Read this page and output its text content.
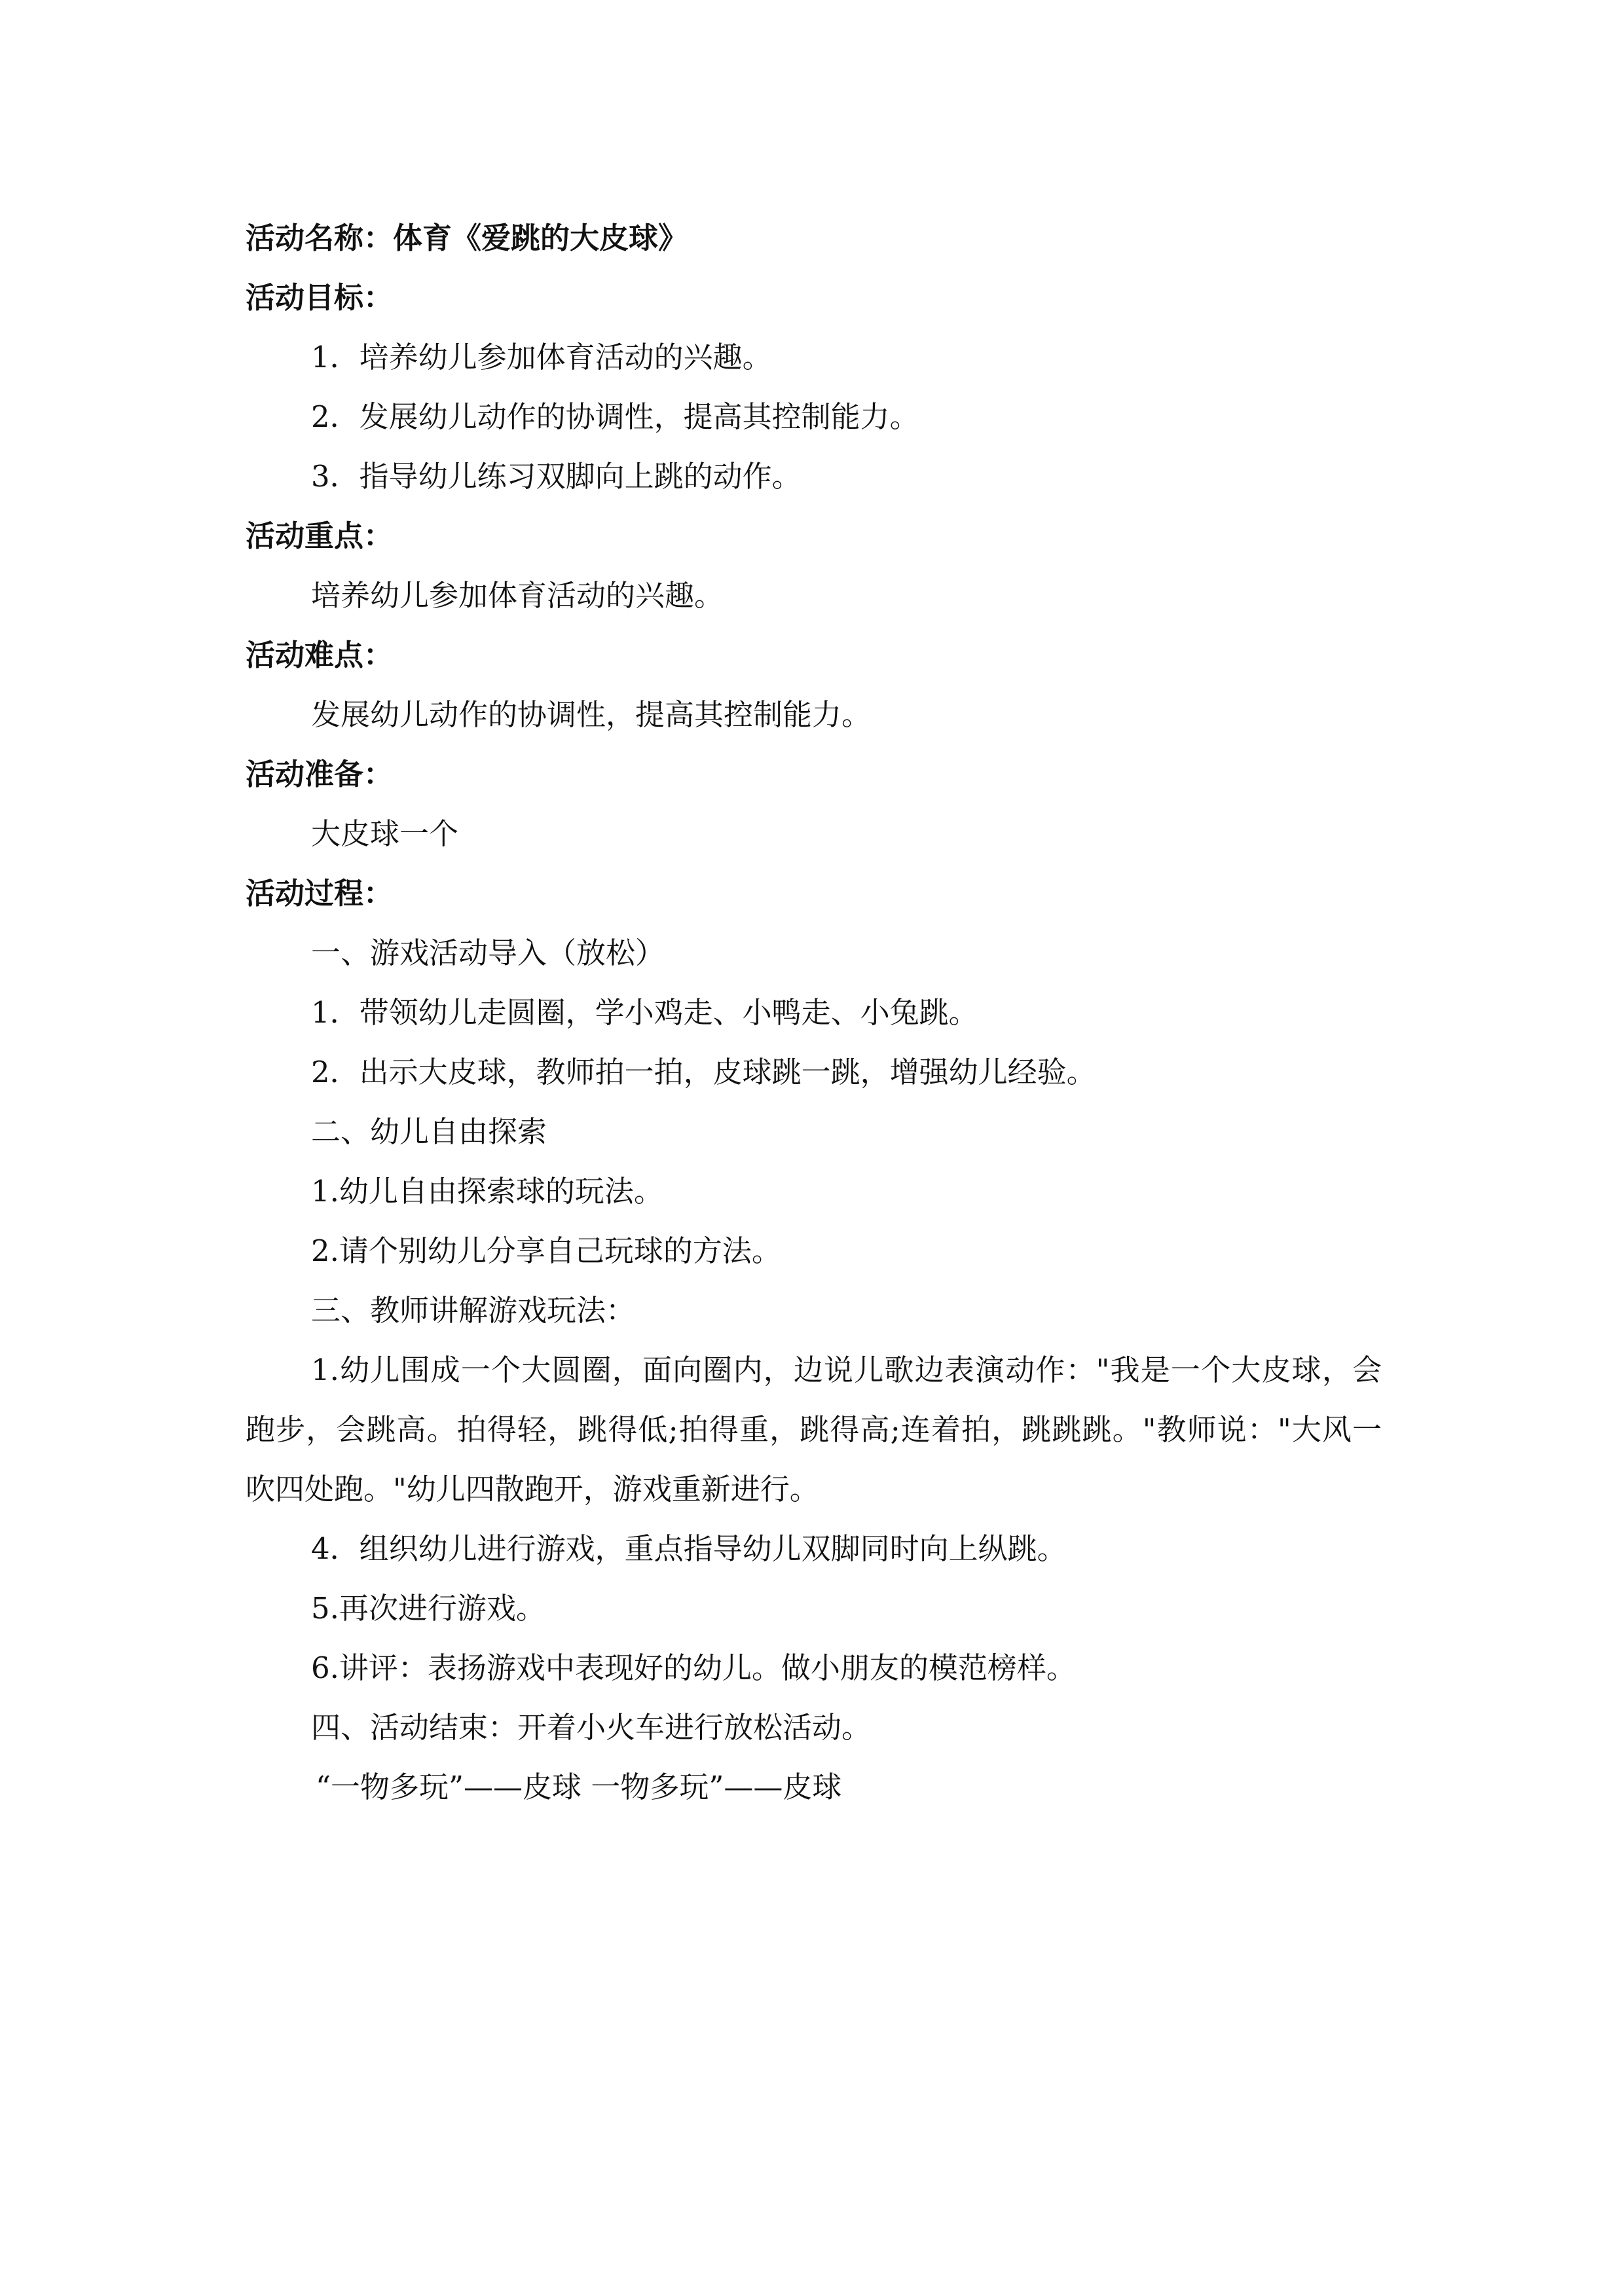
活动名称：体育《爱跳的大皮球》
活动目标：
1．培养幼儿参加体育活动的兴趣。
2．发展幼儿动作的协调性，提高其控制能力。
3．指导幼儿练习双脚向上跳的动作。
活动重点：
培养幼儿参加体育活动的兴趣。
活动难点：
发展幼儿动作的协调性，提高其控制能力。
活动准备：
大皮球一个
活动过程：
一、游戏活动导入（放松）
1．带领幼儿走圆圈，学小鸡走、小鸭走、小兔跳。
2．出示大皮球，教师拍一拍，皮球跳一跳，增强幼儿经验。
二、幼儿自由探索
1.幼儿自由探索球的玩法。
2.请个别幼儿分享自己玩球的方法。
三、教师讲解游戏玩法：
1.幼儿围成一个大圆圈，面向圈内，边说儿歌边表演动作："我是一个大皮球，会跑步，会跳高。拍得轻，跳得低;拍得重，跳得高;连着拍，跳跳跳。"教师说："大风一吹四处跑。"幼儿四散跑开，游戏重新进行。
4．组织幼儿进行游戏，重点指导幼儿双脚同时向上纵跳。
5.再次进行游戏。
6.讲评：表扬游戏中表现好的幼儿。做小朋友的模范榜样。
四、活动结束：开着小火车进行放松活动。
“一物多玩”——皮球 一物多玩”——皮球
